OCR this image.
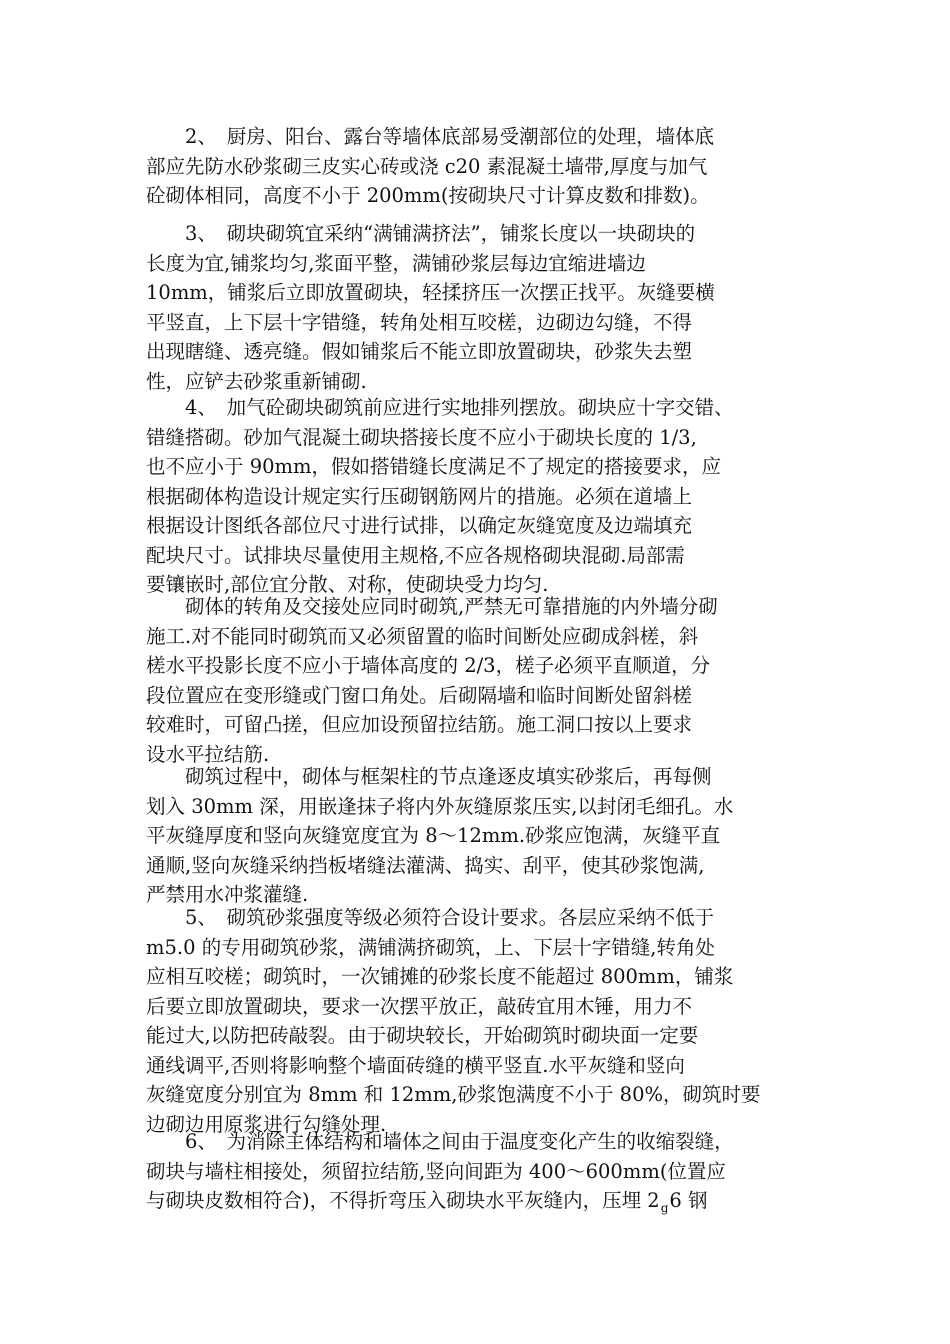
　　2、　厨房、阳台、露台等墙体底部易受潮部位的处理，墙体底
部应先防水砂浆砌三皮实心砖或浇 c20 素混凝土墙带,厚度与加气
砼砌体相同，高度不小于 200mm(按砌块尺寸计算皮数和排数)。

　　3、　砌块砌筑宜采纳“满铺满挤法”，铺浆长度以一块砌块的
长度为宜,铺浆均匀,浆面平整，满铺砂浆层每边宜缩进墙边
10mm，铺浆后立即放置砌块，轻揉挤压一次摆正找平。灰缝要横
平竖直，上下层十字错缝，转角处相互咬槎，边砌边勾缝，不得
出现瞎缝、透亮缝。假如铺浆后不能立即放置砌块，砂浆失去塑
性，应铲去砂浆重新铺砌.

　　4、　加气砼砌块砌筑前应进行实地排列摆放。砌块应十字交错、
错缝搭砌。砂加气混凝土砌块搭接长度不应小于砌块长度的 1/3,
也不应小于 90mm，假如搭错缝长度满足不了规定的搭接要求，应
根据砌体构造设计规定实行压砌钢筋网片的措施。必须在道墙上
根据设计图纸各部位尺寸进行试排，以确定灰缝宽度及边端填充
配块尺寸。试排块尽量使用主规格,不应各规格砌块混砌.局部需
要镶嵌时,部位宜分散、对称，使砌块受力均匀.

　　砌体的转角及交接处应同时砌筑,严禁无可靠措施的内外墙分砌
施工.对不能同时砌筑而又必须留置的临时间断处应砌成斜槎，斜
槎水平投影长度不应小于墙体高度的 2/3，槎子必须平直顺道，分
段位置应在变形缝或门窗口角处。后砌隔墙和临时间断处留斜槎
较难时，可留凸搓，但应加设预留拉结筋。施工洞口按以上要求
设水平拉结筋.

　　砌筑过程中，砌体与框架柱的节点逢逐皮填实砂浆后，再每侧
划入 30mm 深，用嵌逢抹子将内外灰缝原浆压实,以封闭毛细孔。水
平灰缝厚度和竖向灰缝宽度宜为 8～12mm.砂浆应饱满，灰缝平直
通顺,竖向灰缝采纳挡板堵缝法灌满、捣实、刮平，使其砂浆饱满,
严禁用水冲浆灌缝.

　　5、　砌筑砂浆强度等级必须符合设计要求。各层应采纳不低于
m5.0 的专用砌筑砂浆，满铺满挤砌筑，上、下层十字错缝,转角处
应相互咬槎；砌筑时，一次铺摊的砂浆长度不能超过 800mm，铺浆
后要立即放置砌块，要求一次摆平放正，敲砖宜用木锤，用力不
能过大,以防把砖敲裂。由于砌块较长，开始砌筑时砌块面一定要
通线调平,否则将影响整个墙面砖缝的横平竖直.水平灰缝和竖向
灰缝宽度分别宜为 8mm 和 12mm,砂浆饱满度不小于 80%，砌筑时要
边砌边用原浆进行勾缝处理.

　　6、　为消除主体结构和墙体之间由于温度变化产生的收缩裂缝，
砌块与墙柱相接处，须留拉结筋,竖向间距为 400～600mm(位置应
与砌块皮数相符合)，不得折弯压入砌块水平灰缝内，压埋 $2_g6$ 钢
